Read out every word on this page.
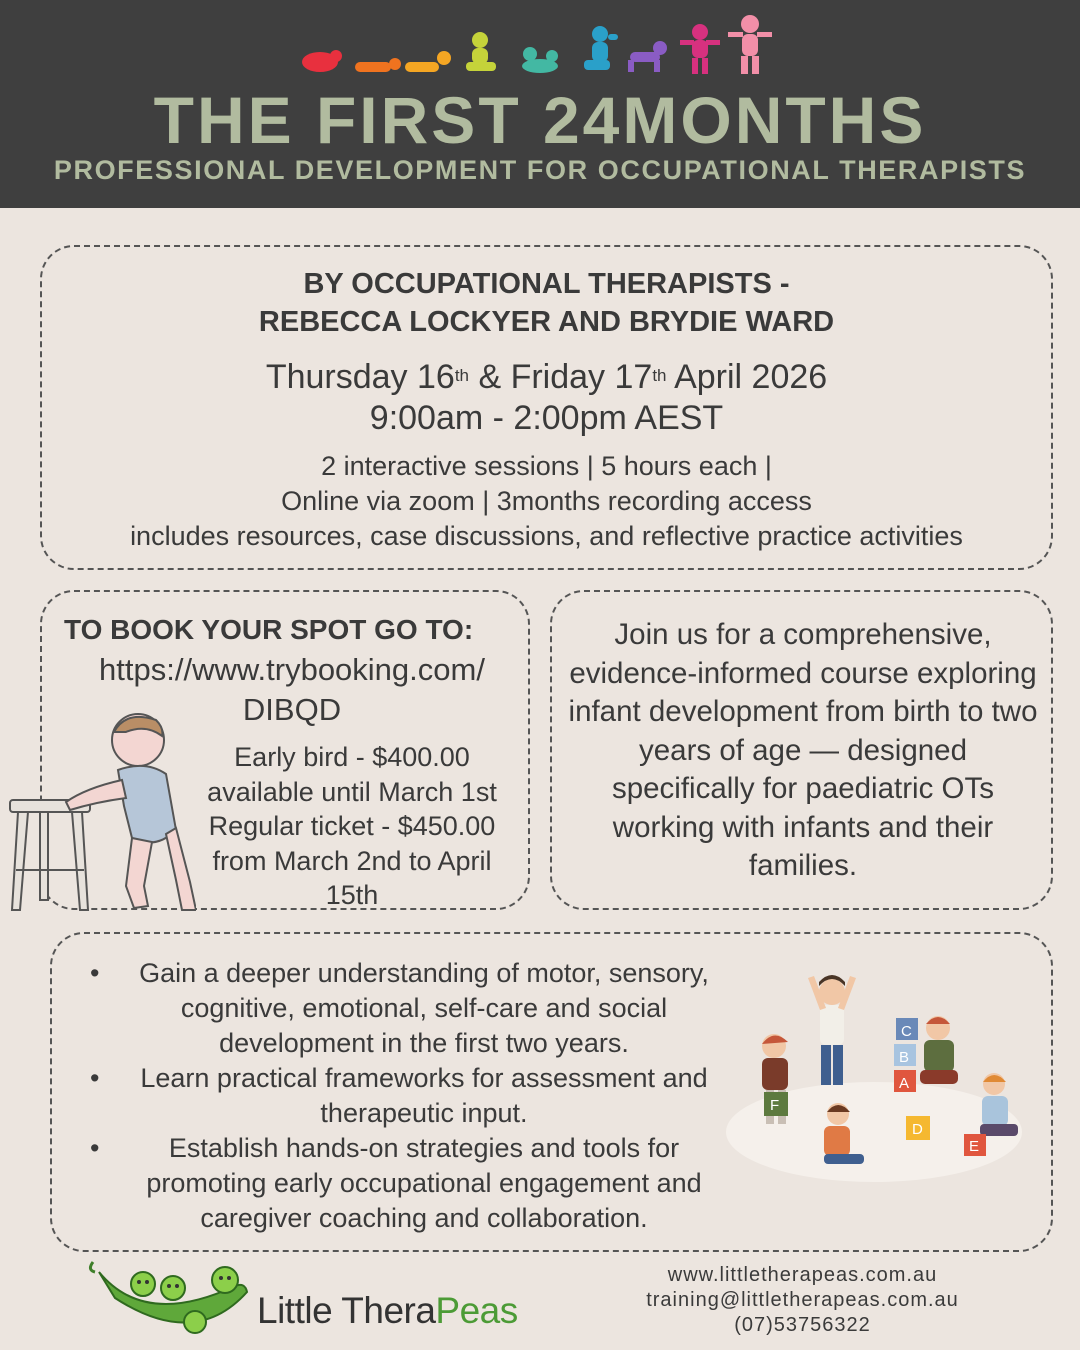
THE FIRST 24MONTHS
PROFESSIONAL DEVELOPMENT FOR OCCUPATIONAL THERAPISTS
BY OCCUPATIONAL THERAPISTS -
REBECCA LOCKYER AND BRYDIE WARD
Thursday 16th & Friday 17th April 2026
9:00am - 2:00pm AEST
2 interactive sessions | 5 hours each |
Online via zoom | 3months recording access
includes resources, case discussions, and reflective practice activities
TO BOOK YOUR SPOT GO TO:
https://www.trybooking.com/
DIBQD
Early bird - $400.00
available until March 1st
Regular ticket - $450.00
from March 2nd to April
15th
Join us for a comprehensive, evidence-informed course exploring infant development from birth to two years of age — designed specifically for paediatric OTs working with infants and their families.
• Gain a deeper understanding of motor, sensory, cognitive, emotional, self-care and social development in the first two years.
• Learn practical frameworks for assessment and therapeutic input.
• Establish hands-on strategies and tools for promoting early occupational engagement and caregiver coaching and collaboration.
C
B
A
F
D
E
Little TheraPeas
www.littletherapeas.com.au
training@littletherapeas.com.au
(07)53756322
